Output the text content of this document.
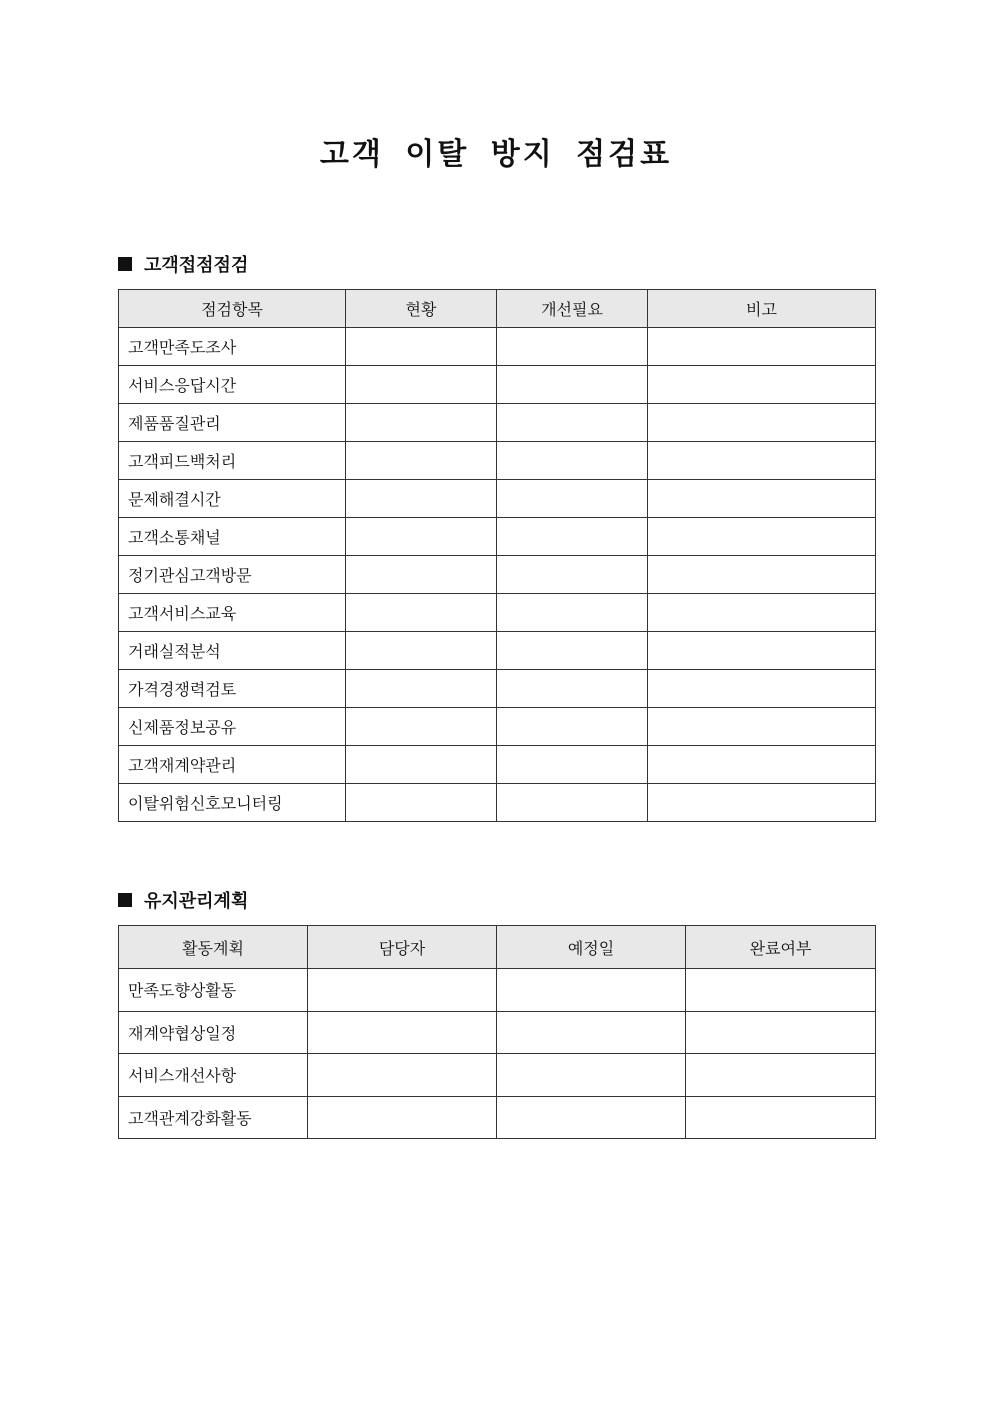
고객 이탈 방지 점검표
고객접점점검
점검항목	현황	개선필요	비고
고객만족도조사			
서비스응답시간			
제품품질관리			
고객피드백처리			
문제해결시간			
고객소통채널			
정기관심고객방문			
고객서비스교육			
거래실적분석			
가격경쟁력검토			
신제품정보공유			
고객재계약관리			
이탈위험신호모니터링			
유지관리계획
활동계획	담당자	예정일	완료여부
만족도향상활동			
재계약협상일정			
서비스개선사항			
고객관계강화활동			
